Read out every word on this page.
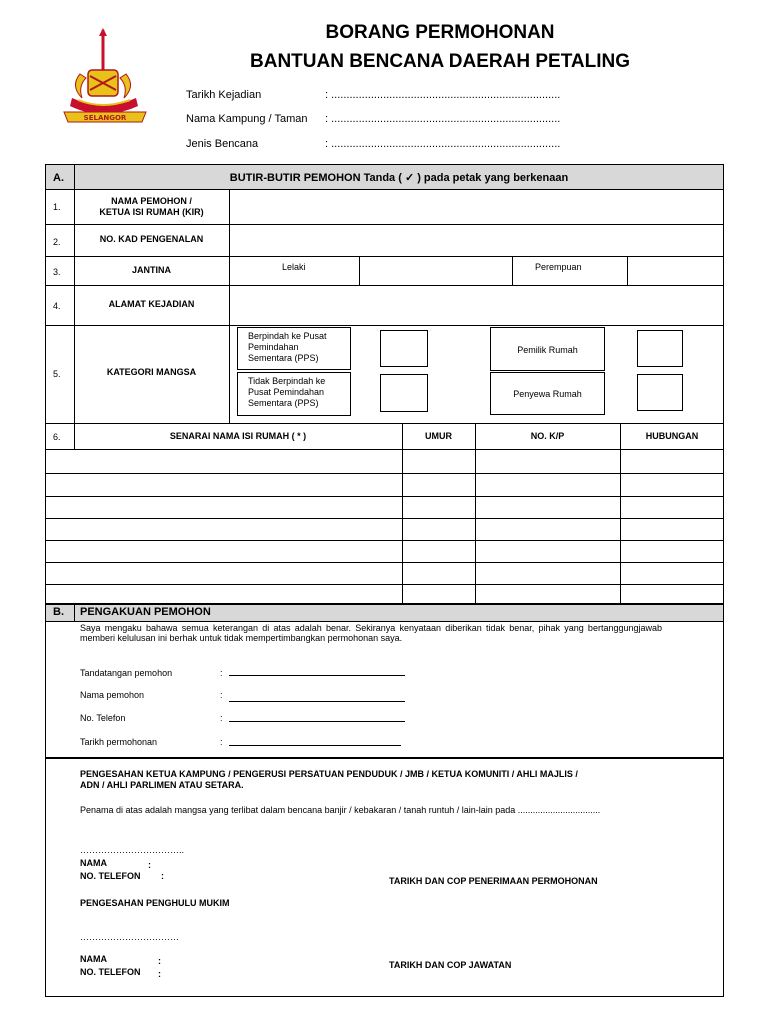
SELANGOR
BORANG PERMOHONAN
BANTUAN BENCANA DAERAH PETALING
Tarikh Kejadian	: ...........................................................................
Nama Kampung / Taman : ...........................................................................
Jenis Bencana	: ...........................................................................
A.	BUTIR-BUTIR PEMOHON Tanda ( ✓ ) pada petak yang berkenaan
1.
NAMA PEMOHON /
KETUA ISI RUMAH (KIR)
2.	NO. KAD PENGENALAN
3.	JANTINA	Lelaki	Perempuan
4.	ALAMAT KEJADIAN
5.	KATEGORI MANGSA
Berpindah ke Pusat Pemindahan Sementara (PPS)
Tidak Berpindah ke Pusat Pemindahan Sementara (PPS)
Pemilik Rumah
Penyewa Rumah
6.	SENARAI NAMA ISI RUMAH ( * )	UMUR	NO. K/P	HUBUNGAN
B. PENGAKUAN PEMOHON
Saya mengaku bahawa semua keterangan di atas adalah benar. Sekiranya kenyataan diberikan tidak benar, pihak yang bertanggungjawab memberi kelulusan ini berhak untuk tidak mempertimbangkan permohonan saya.
Tandatangan pemohon	:
Nama pemohon	:
No. Telefon	:
Tarikh permohonan	:
PENGESAHAN KETUA KAMPUNG / PENGERUSI PERSATUAN PENDUDUK / JMB / KETUA KOMUNITI / AHLI MAJLIS /
ADN / AHLI PARLIMEN ATAU SETARA.
Penama di atas adalah mangsa yang terlibat dalam bencana banjir / kebakaran / tanah runtuh / lain-lain pada .................................
……………………………..
NAMA	:
NO. TELEFON :	TARIKH DAN COP PENERIMAAN PERMOHONAN
PENGESAHAN PENGHULU MUKIM
……………………………
NAMA	:
NO. TELEFON :
TARIKH DAN COP JAWATAN
